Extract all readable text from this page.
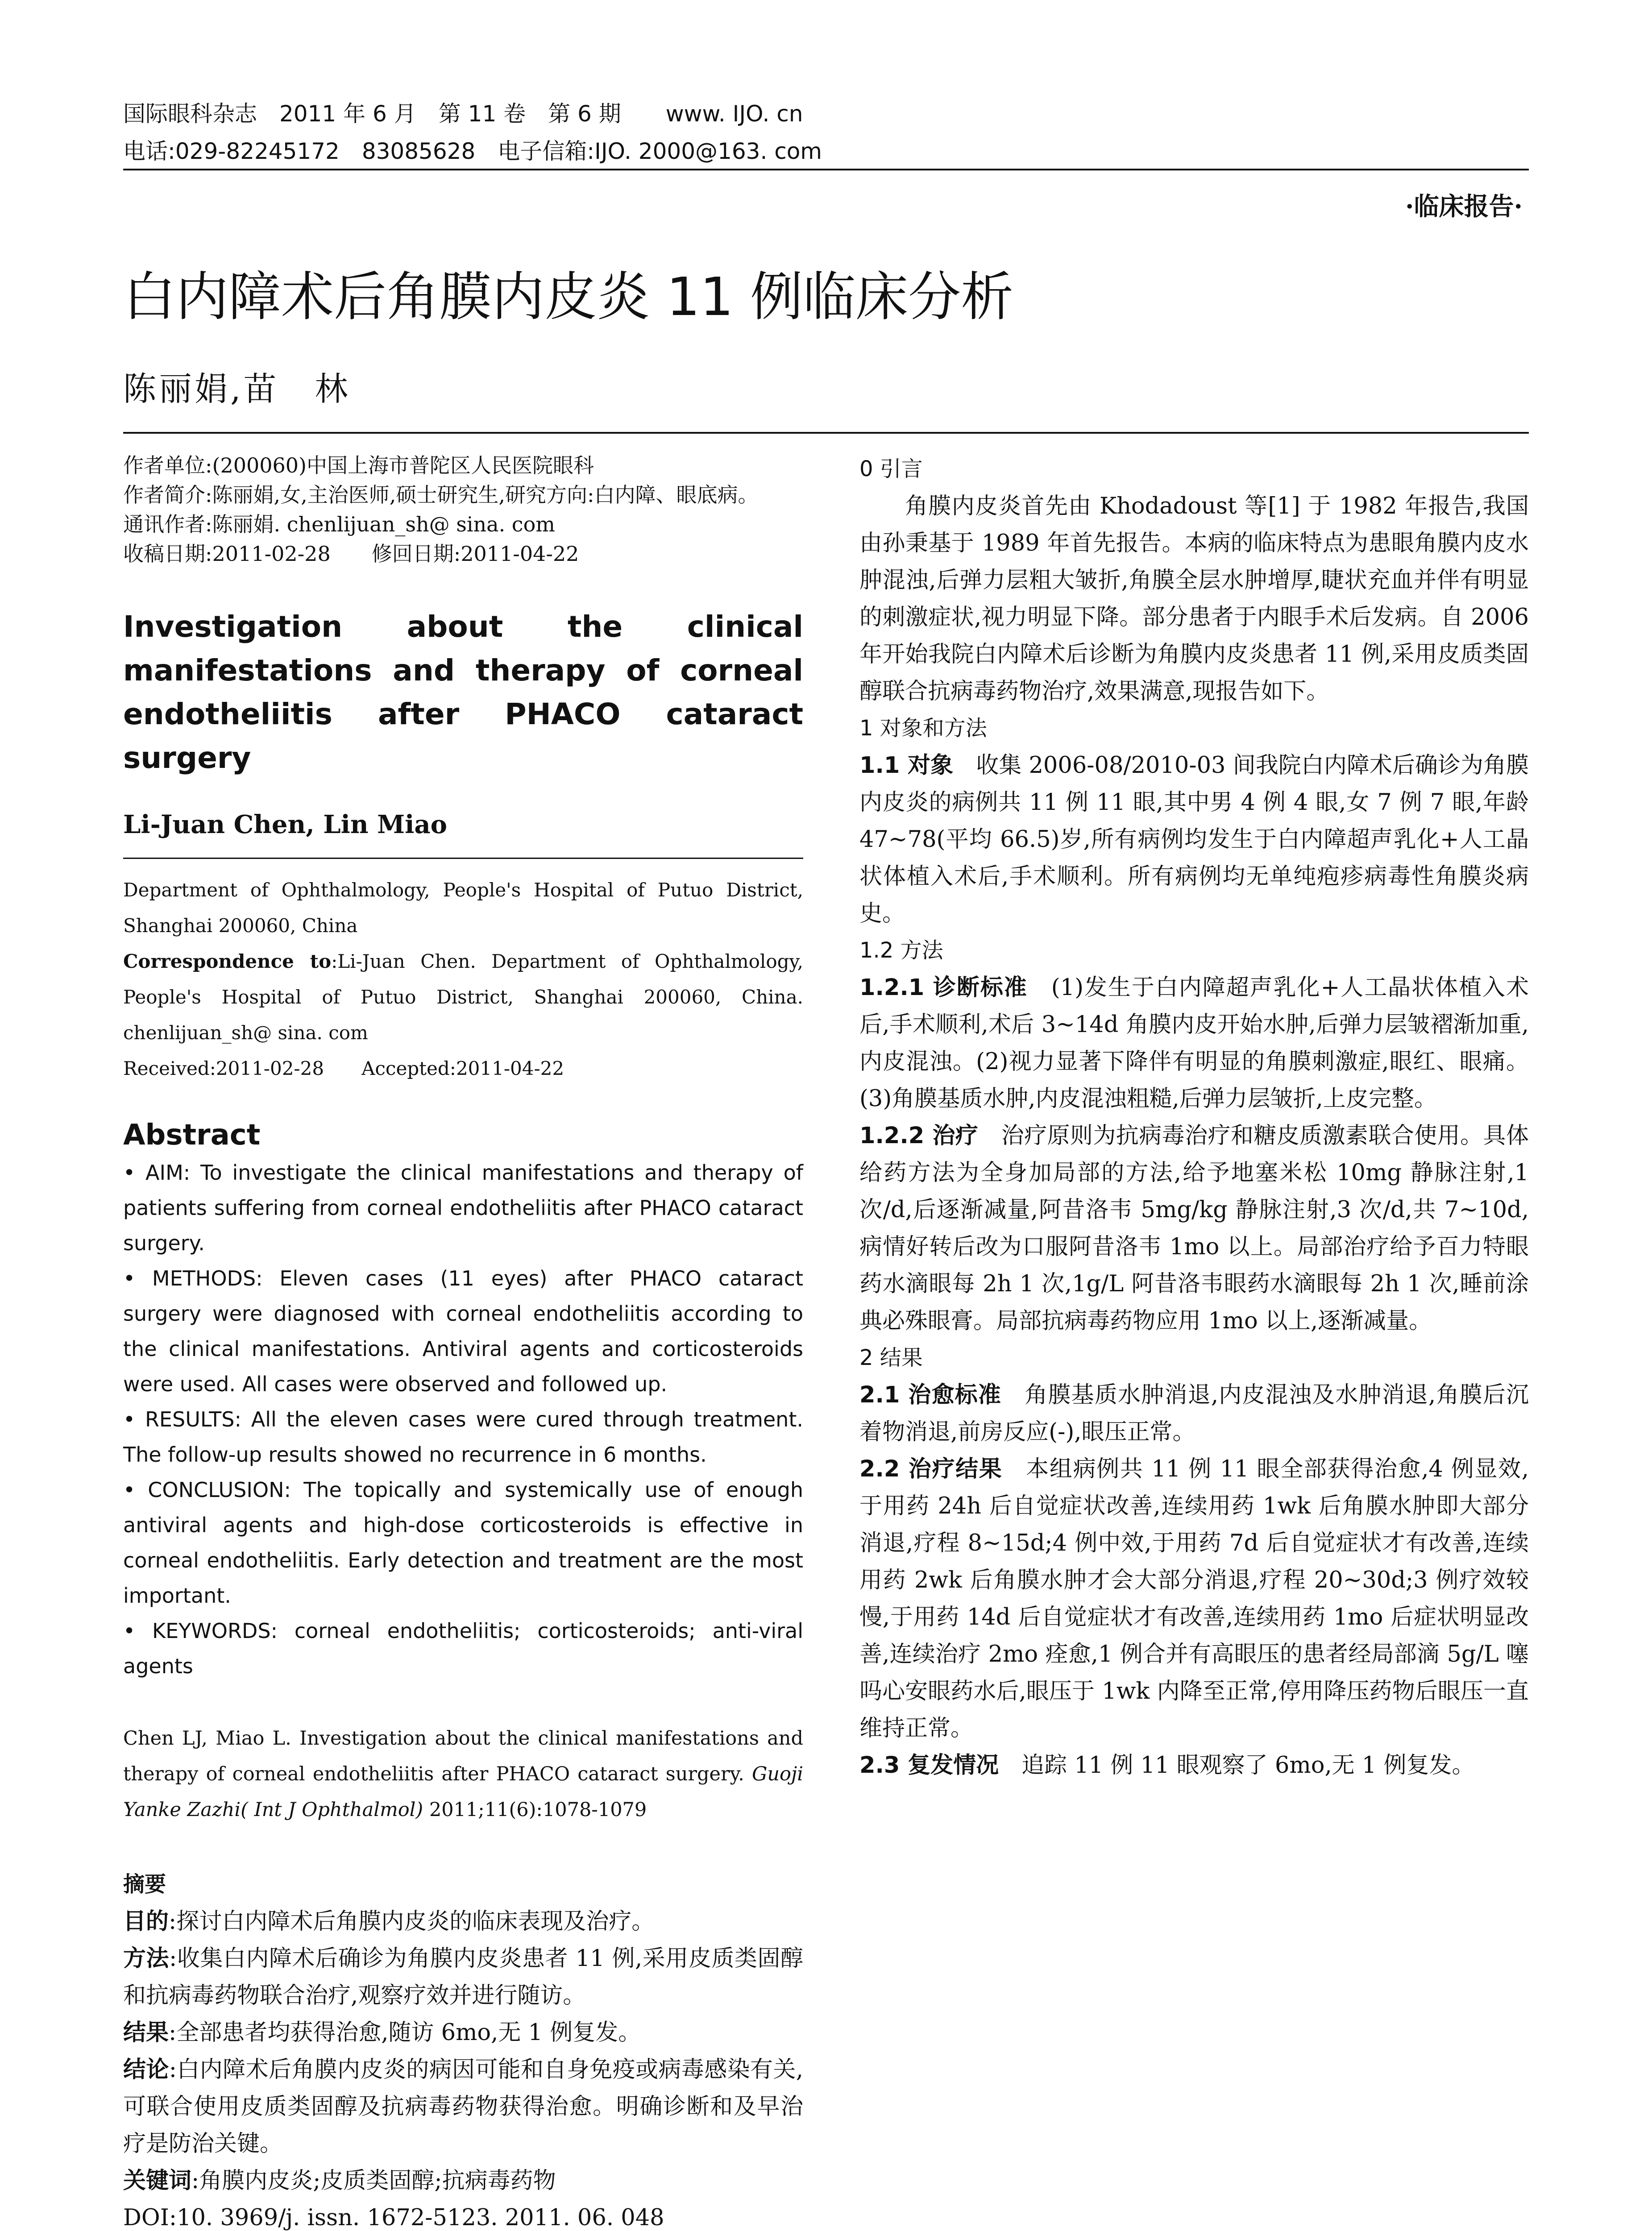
国际眼科杂志　2011 年 6 月　第 11 卷　第 6 期　　www. IJO. cn
电话:029-82245172　83085628　电子信箱:IJO. 2000@163. com
·临床报告·
白内障术后角膜内皮炎 11 例临床分析
陈丽娟,苗　林

作者单位:(200060)中国上海市普陀区人民医院眼科

作者简介:陈丽娟,女,主治医师,硕士研究生,研究方向:白内障、眼底病。

通讯作者:陈丽娟. chenlijuan_sh@ sina. com

收稿日期:2011-02-28　　修回日期:2011-04-22

Investigation about the clinical manifestations and therapy of corneal endotheliitis after PHACO cataract surgery
Li-Juan Chen, Lin Miao

Department of Ophthalmology, People's Hospital of Putuo District, Shanghai 200060, China

Correspondence to:Li-Juan Chen. Department of Ophthalmology, People's Hospital of Putuo District, Shanghai 200060, China. chenlijuan_sh@ sina. com

Received:2011-02-28　　Accepted:2011-04-22

Abstract
• AIM: To investigate the clinical manifestations and therapy of patients suffering from corneal endotheliitis after PHACO cataract surgery.
• METHODS: Eleven cases (11 eyes) after PHACO cataract surgery were diagnosed with corneal endotheliitis according to the clinical manifestations. Antiviral agents and corticosteroids were used. All cases were observed and followed up.
• RESULTS: All the eleven cases were cured through treatment. The follow-up results showed no recurrence in 6 months.
• CONCLUSION: The topically and systemically use of enough antiviral agents and high-dose corticosteroids is effective in corneal endotheliitis. Early detection and treatment are the most important.
• KEYWORDS: corneal endotheliitis; corticosteroids; anti-viral agents
Chen LJ, Miao L. Investigation about the clinical manifestations and therapy of corneal endotheliitis after PHACO cataract surgery. Guoji Yanke Zazhi( Int J Ophthalmol) 2011;11(6):1078-1079
摘要

目的:探讨白内障术后角膜内皮炎的临床表现及治疗。

方法:收集白内障术后确诊为角膜内皮炎患者 11 例,采用皮质类固醇和抗病毒药物联合治疗,观察疗效并进行随访。

结果:全部患者均获得治愈,随访 6mo,无 1 例复发。

结论:白内障术后角膜内皮炎的病因可能和自身免疫或病毒感染有关,可联合使用皮质类固醇及抗病毒药物获得治愈。明确诊断和及早治疗是防治关键。

关键词:角膜内皮炎;皮质类固醇;抗病毒药物

DOI:10. 3969/j. issn. 1672-5123. 2011. 06. 048

0 引言

角膜内皮炎首先由 Khodadoust 等[1] 于 1982 年报告,我国由孙秉基于 1989 年首先报告。本病的临床特点为患眼角膜内皮水肿混浊,后弹力层粗大皱折,角膜全层水肿增厚,睫状充血并伴有明显的刺激症状,视力明显下降。部分患者于内眼手术后发病。自 2006 年开始我院白内障术后诊断为角膜内皮炎患者 11 例,采用皮质类固醇联合抗病毒药物治疗,效果满意,现报告如下。

1 对象和方法

1.1 对象　收集 2006-08/2010-03 间我院白内障术后确诊为角膜内皮炎的病例共 11 例 11 眼,其中男 4 例 4 眼,女 7 例 7 眼,年龄 47~78(平均 66.5)岁,所有病例均发生于白内障超声乳化+人工晶状体植入术后,手术顺利。所有病例均无单纯疱疹病毒性角膜炎病史。

1.2 方法

1.2.1 诊断标准　(1)发生于白内障超声乳化+人工晶状体植入术后,手术顺利,术后 3~14d 角膜内皮开始水肿,后弹力层皱褶渐加重,内皮混浊。(2)视力显著下降伴有明显的角膜刺激症,眼红、眼痛。(3)角膜基质水肿,内皮混浊粗糙,后弹力层皱折,上皮完整。

1.2.2 治疗　治疗原则为抗病毒治疗和糖皮质激素联合使用。具体给药方法为全身加局部的方法,给予地塞米松 10mg 静脉注射,1 次/d,后逐渐减量,阿昔洛韦 5mg/kg 静脉注射,3 次/d,共 7~10d,病情好转后改为口服阿昔洛韦 1mo 以上。局部治疗给予百力特眼药水滴眼每 2h 1 次,1g/L 阿昔洛韦眼药水滴眼每 2h 1 次,睡前涂典必殊眼膏。局部抗病毒药物应用 1mo 以上,逐渐减量。

2 结果

2.1 治愈标准　角膜基质水肿消退,内皮混浊及水肿消退,角膜后沉着物消退,前房反应(-),眼压正常。

2.2 治疗结果　本组病例共 11 例 11 眼全部获得治愈,4 例显效,于用药 24h 后自觉症状改善,连续用药 1wk 后角膜水肿即大部分消退,疗程 8~15d;4 例中效,于用药 7d 后自觉症状才有改善,连续用药 2wk 后角膜水肿才会大部分消退,疗程 20~30d;3 例疗效较慢,于用药 14d 后自觉症状才有改善,连续用药 1mo 后症状明显改善,连续治疗 2mo 痊愈,1 例合并有高眼压的患者经局部滴 5g/L 噻吗心安眼药水后,眼压于 1wk 内降至正常,停用降压药物后眼压一直维持正常。

2.3 复发情况　追踪 11 例 11 眼观察了 6mo,无 1 例复发。
